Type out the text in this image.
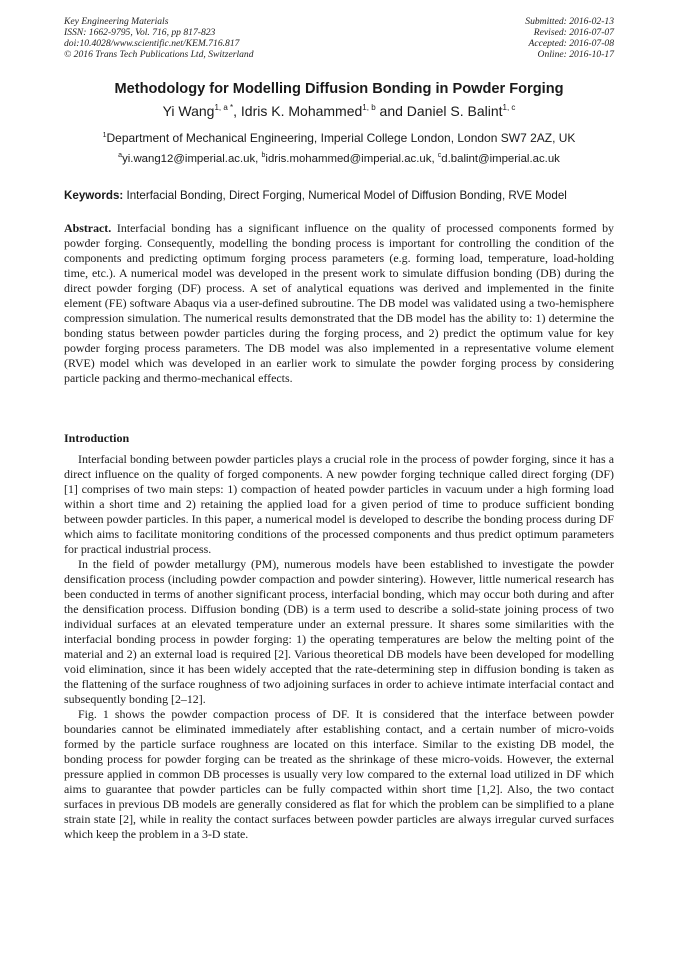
Key Engineering Materials
ISSN: 1662-9795, Vol. 716, pp 817-823
doi:10.4028/www.scientific.net/KEM.716.817
© 2016 Trans Tech Publications Ltd, Switzerland
Submitted: 2016-02-13
Revised: 2016-07-07
Accepted: 2016-07-08
Online: 2016-10-17
Methodology for Modelling Diffusion Bonding in Powder Forging
Yi Wang$^{1, a *}$, Idris K. Mohammed$^{1, b}$ and Daniel S. Balint$^{1, c}$
$^1$Department of Mechanical Engineering, Imperial College London, London SW7 2AZ, UK
$^a$yi.wang12@imperial.ac.uk, $^b$idris.mohammed@imperial.ac.uk, $^c$d.balint@imperial.ac.uk
Keywords: Interfacial Bonding, Direct Forging, Numerical Model of Diffusion Bonding, RVE Model
Abstract. Interfacial bonding has a significant influence on the quality of processed components formed by powder forging. Consequently, modelling the bonding process is important for controlling the condition of the components and predicting optimum forging process parameters (e.g. forming load, temperature, load-holding time, etc.). A numerical model was developed in the present work to simulate diffusion bonding (DB) during the direct powder forging (DF) process. A set of analytical equations was derived and implemented in the finite element (FE) software Abaqus via a user-defined subroutine. The DB model was validated using a two-hemisphere compression simulation. The numerical results demonstrated that the DB model has the ability to: 1) determine the bonding status between powder particles during the forging process, and 2) predict the optimum value for key powder forging process parameters. The DB model was also implemented in a representative volume element (RVE) model which was developed in an earlier work to simulate the powder forging process by considering particle packing and thermo-mechanical effects.
Introduction

Interfacial bonding between powder particles plays a crucial role in the process of powder forging, since it has a direct influence on the quality of forged components. A new powder forging technique called direct forging (DF) [1] comprises of two main steps: 1) compaction of heated powder particles in vacuum under a high forming load within a short time and 2) retaining the applied load for a given period of time to produce sufficient bonding between powder particles. In this paper, a numerical model is developed to describe the bonding process during DF which aims to facilitate monitoring conditions of the processed components and thus predict optimum parameters for practical industrial process.

In the field of powder metallurgy (PM), numerous models have been established to investigate the powder densification process (including powder compaction and powder sintering). However, little numerical research has been conducted in terms of another significant process, interfacial bonding, which may occur both during and after the densification process. Diffusion bonding (DB) is a term used to describe a solid-state joining process of two individual surfaces at an elevated temperature under an external pressure. It shares some similarities with the interfacial bonding process in powder forging: 1) the operating temperatures are below the melting point of the material and 2) an external load is required [2]. Various theoretical DB models have been developed for modelling void elimination, since it has been widely accepted that the rate-determining step in diffusion bonding is taken as the flattening of the surface roughness of two adjoining surfaces in order to achieve intimate interfacial contact and subsequently bonding [2–12].

Fig. 1 shows the powder compaction process of DF. It is considered that the interface between powder boundaries cannot be eliminated immediately after establishing contact, and a certain number of micro-voids formed by the particle surface roughness are located on this interface. Similar to the existing DB model, the bonding process for powder forging can be treated as the shrinkage of these micro-voids. However, the external pressure applied in common DB processes is usually very low compared to the external load utilized in DF which aims to guarantee that powder particles can be fully compacted within short time [1,2]. Also, the two contact surfaces in previous DB models are generally considered as flat for which the problem can be simplified to a plane strain state [2], while in reality the contact surfaces between powder particles are always irregular curved surfaces which keep the problem in a 3-D state.
